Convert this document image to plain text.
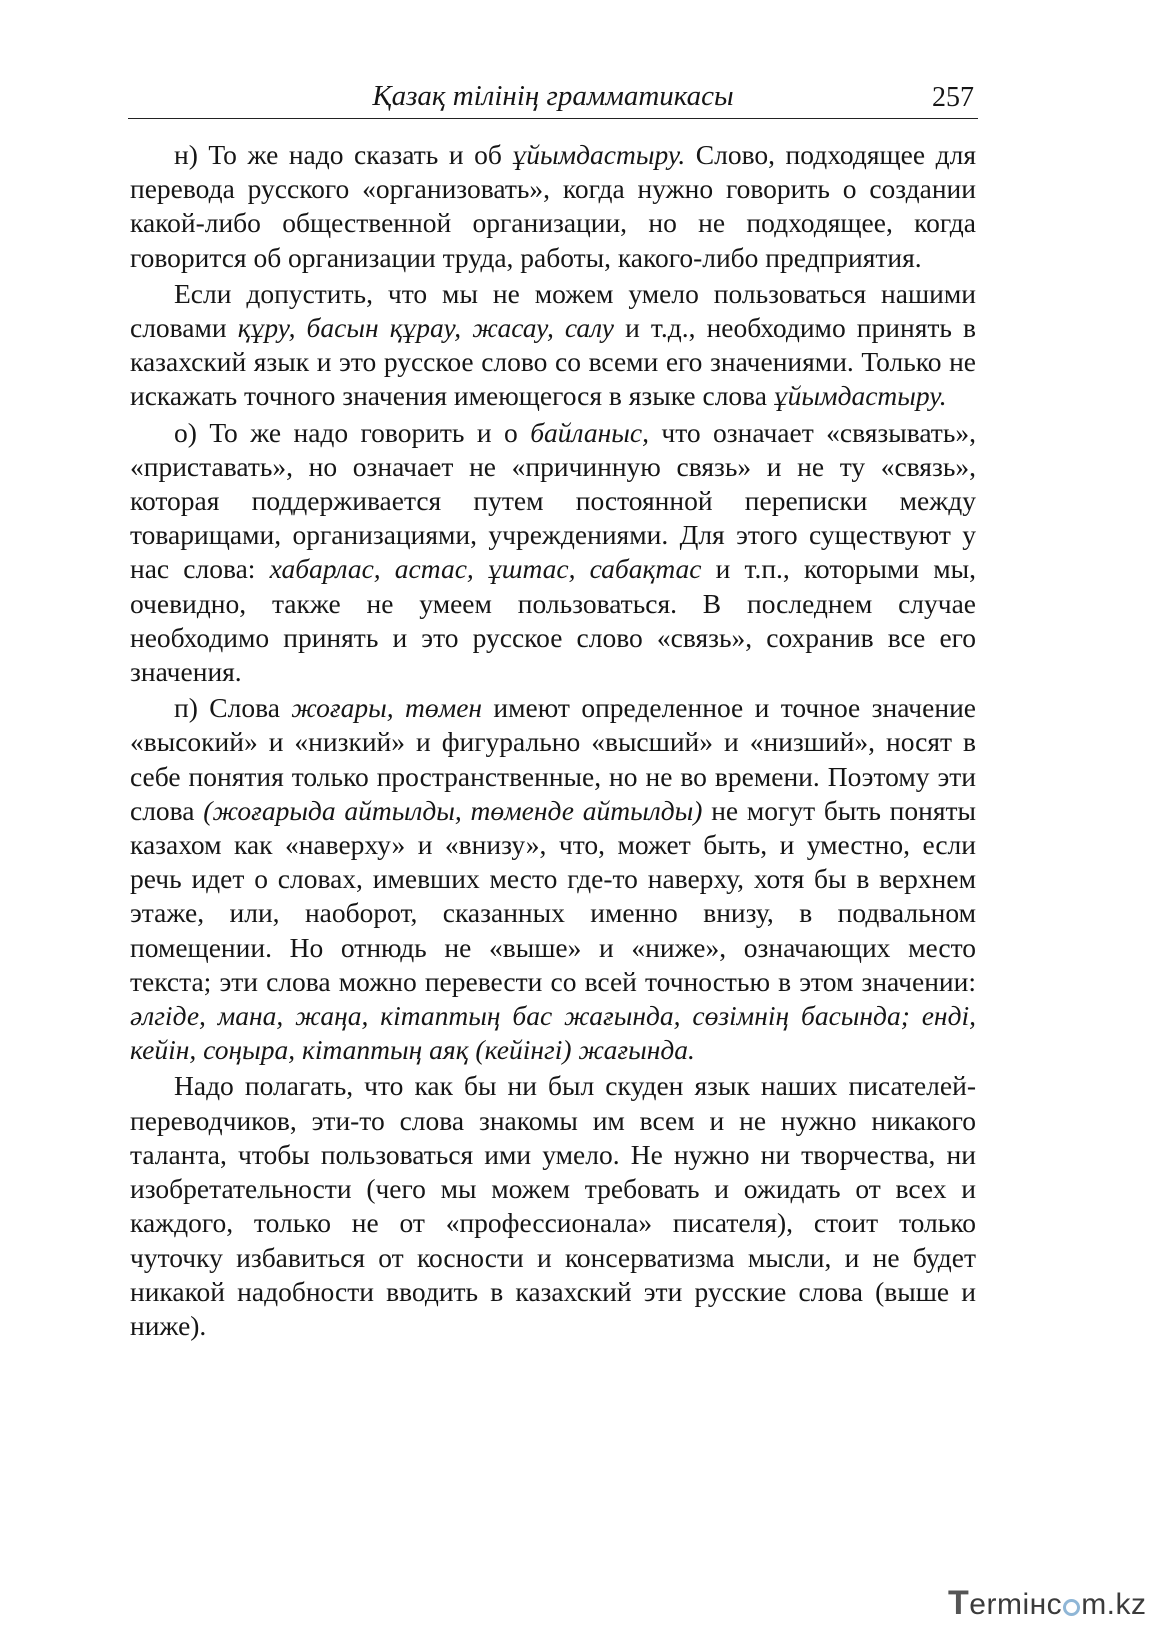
Қазақ тілінің грамматикасы	257

н) То же надо сказать и об ұйымдастыру. Слово, подходящее для перевода русского «организовать», когда нужно говорить о создании какой-либо общественной организации, но не подходящее, когда говорится об организации труда, работы, какого-либо предприятия.

Если допустить, что мы не можем умело пользоваться нашими словами құру, басын құрау, жасау, салу и т.д., необходимо принять в казахский язык и это русское слово со всеми его значениями. Только не искажать точного значения имеющегося в языке слова ұйымдастыру.

о) То же надо говорить и о байланыс, что означает «связывать», «приставать», но означает не «причинную связь» и не ту «связь», которая поддерживается путем постоянной переписки между товарищами, организациями, учреждениями. Для этого существуют у нас слова: хабарлас, астас, ұштас, сабақтас и т.п., которыми мы, очевидно, также не умеем пользоваться. В последнем случае необходимо принять и это русское слово «связь», сохранив все его значения.

п) Слова жоғары, төмен имеют определенное и точное значение «высокий» и «низкий» и фигурально «высший» и «низший», носят в себе понятия только пространственные, но не во времени. Поэтому эти слова (жоғарыда айтылды, төменде айтылды) не могут быть поняты казахом как «наверху» и «внизу», что, может быть, и уместно, если речь идет о словах, имевших место где-то наверху, хотя бы в верхнем этаже, или, наоборот, сказанных именно внизу, в подвальном помещении. Но отнюдь не «выше» и «ниже», означающих место текста; эти слова можно перевести со всей точностью в этом значении: әлгіде, мана, жаңа, кітаптың бас жағында, сөзімнің басында; енді, кейін, соңыра, кітаптың аяқ (кейінгі) жағында.

Надо полагать, что как бы ни был скуден язык наших писателей-переводчиков, эти-то слова знакомы им всем и не нужно никакого таланта, чтобы пользоваться ими умело. Не нужно ни творчества, ни изобретательности (чего мы можем требовать и ожидать от всех и каждого, только не от «профессионала» писателя), стоит только чуточку избавиться от косности и консерватизма мысли, и не будет никакой надобности вводить в казахский эти русские слова (выше и ниже).

Termінc m.kz
